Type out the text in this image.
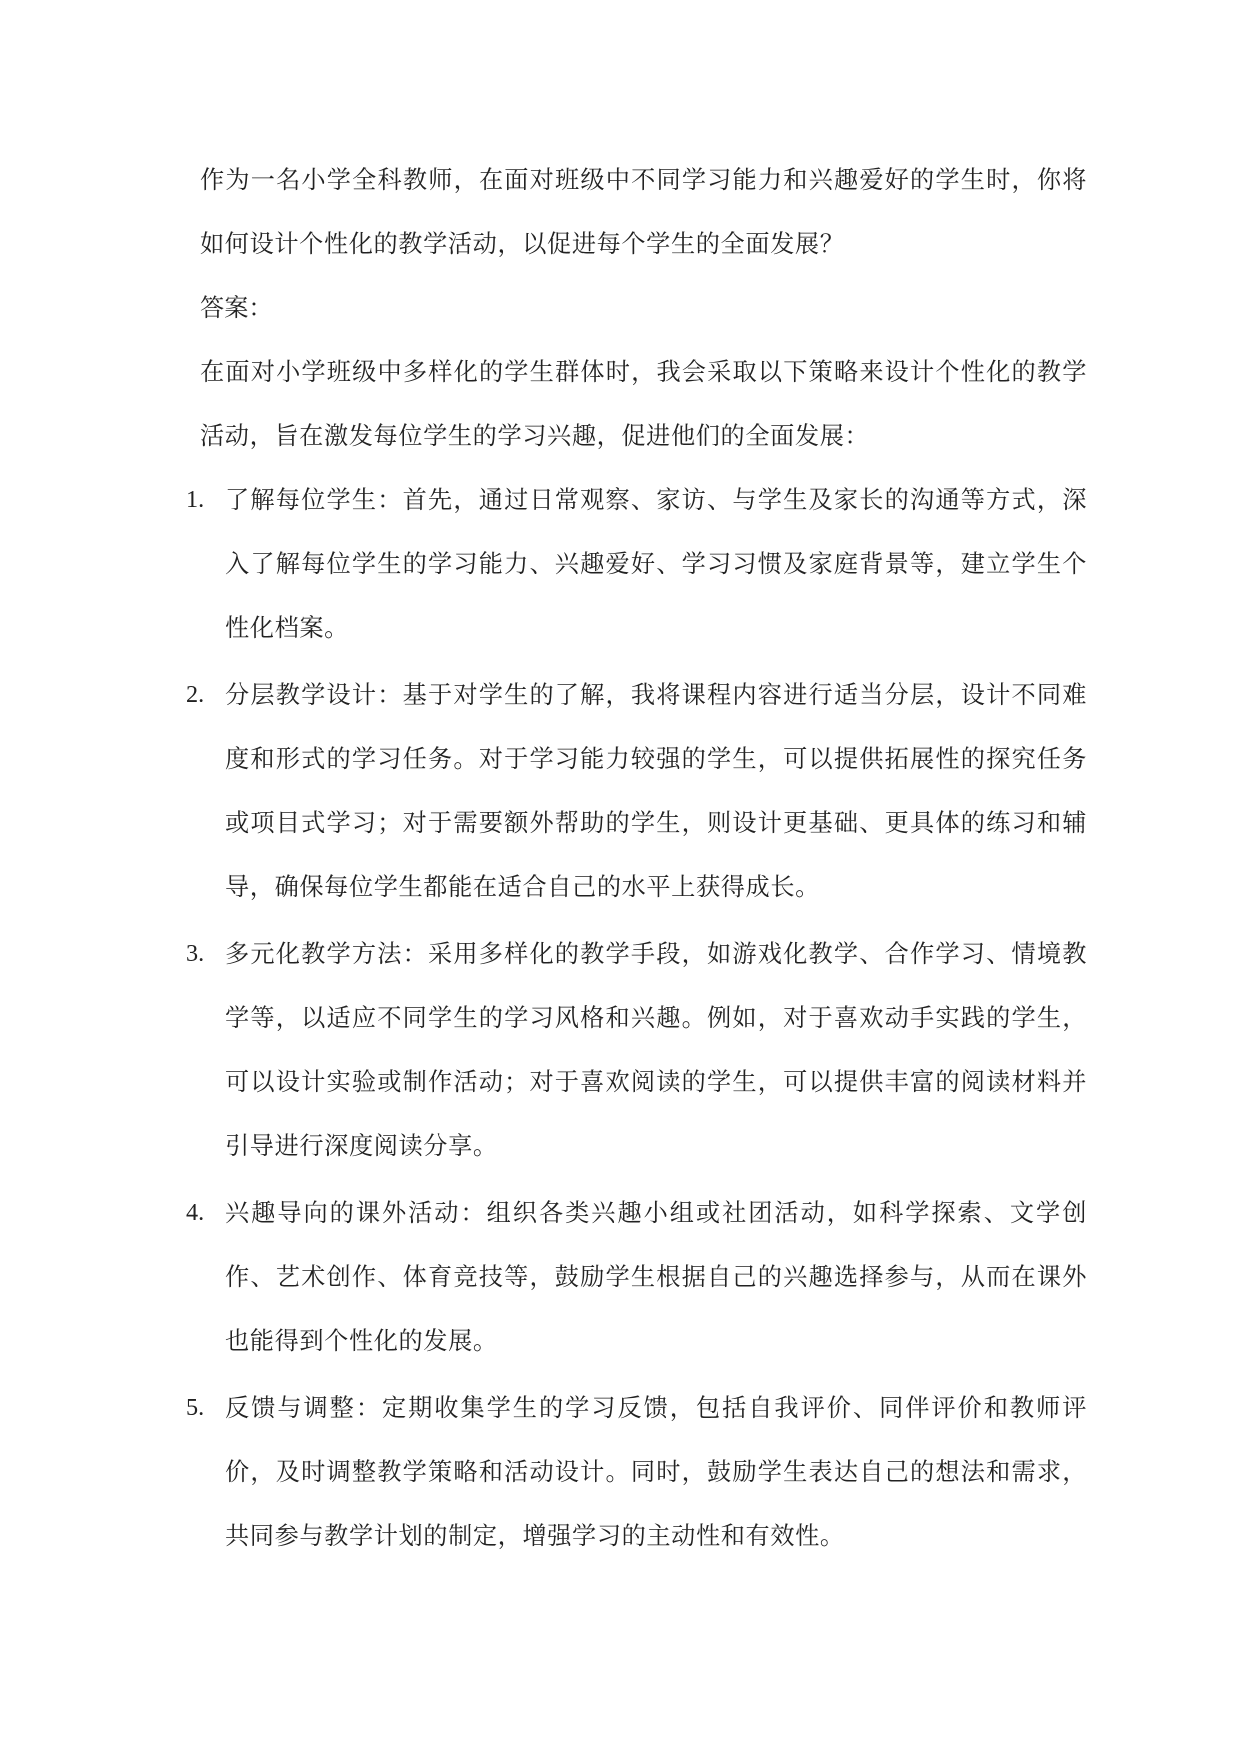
作为一名小学全科教师，在面对班级中不同学习能力和兴趣爱好的学生时，你将如何设计个性化的教学活动，以促进每个学生的全面发展？

答案：

在面对小学班级中多样化的学生群体时，我会采取以下策略来设计个性化的教学活动，旨在激发每位学生的学习兴趣，促进他们的全面发展：

1. 了解每位学生：首先，通过日常观察、家访、与学生及家长的沟通等方式，深入了解每位学生的学习能力、兴趣爱好、学习习惯及家庭背景等，建立学生个性化档案。

2. 分层教学设计：基于对学生的了解，我将课程内容进行适当分层，设计不同难度和形式的学习任务。对于学习能力较强的学生，可以提供拓展性的探究任务或项目式学习；对于需要额外帮助的学生，则设计更基础、更具体的练习和辅导，确保每位学生都能在适合自己的水平上获得成长。

3. 多元化教学方法：采用多样化的教学手段，如游戏化教学、合作学习、情境教学等，以适应不同学生的学习风格和兴趣。例如，对于喜欢动手实践的学生，可以设计实验或制作活动；对于喜欢阅读的学生，可以提供丰富的阅读材料并引导进行深度阅读分享。

4. 兴趣导向的课外活动：组织各类兴趣小组或社团活动，如科学探索、文学创作、艺术创作、体育竞技等，鼓励学生根据自己的兴趣选择参与，从而在课外也能得到个性化的发展。

5. 反馈与调整：定期收集学生的学习反馈，包括自我评价、同伴评价和教师评价，及时调整教学策略和活动设计。同时，鼓励学生表达自己的想法和需求，共同参与教学计划的制定，增强学习的主动性和有效性。
